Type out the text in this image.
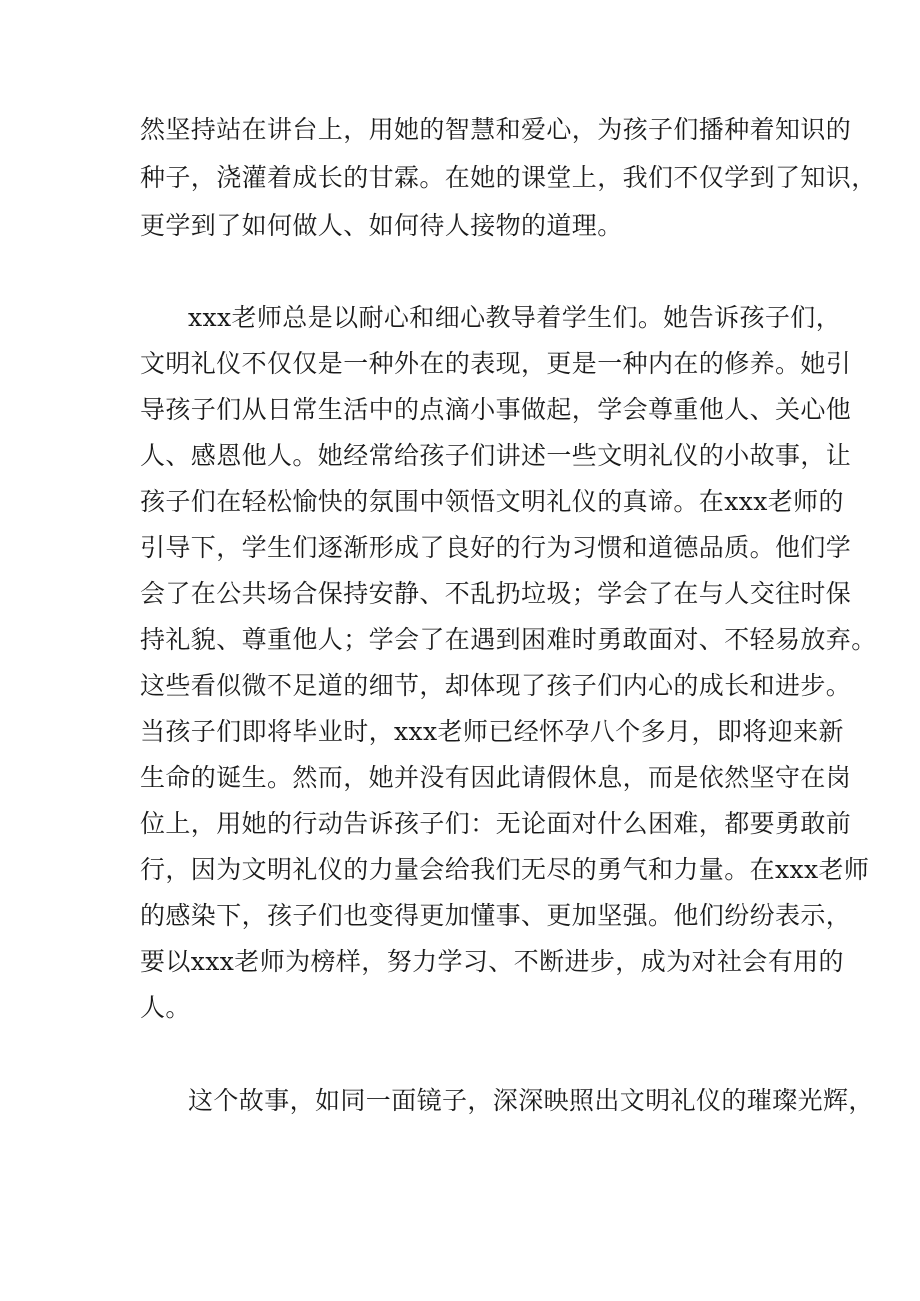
然坚持站在讲台上，用她的智慧和爱心，为孩子们播种着知识的
种子，浇灌着成长的甘霖。在她的课堂上，我们不仅学到了知识，
更学到了如何做人、如何待人接物的道理。
xxx老师总是以耐心和细心教导着学生们。她告诉孩子们，
文明礼仪不仅仅是一种外在的表现，更是一种内在的修养。她引
导孩子们从日常生活中的点滴小事做起，学会尊重他人、关心他
人、感恩他人。她经常给孩子们讲述一些文明礼仪的小故事，让
孩子们在轻松愉快的氛围中领悟文明礼仪的真谛。在xxx老师的
引导下，学生们逐渐形成了良好的行为习惯和道德品质。他们学
会了在公共场合保持安静、不乱扔垃圾；学会了在与人交往时保
持礼貌、尊重他人；学会了在遇到困难时勇敢面对、不轻易放弃。
这些看似微不足道的细节，却体现了孩子们内心的成长和进步。
当孩子们即将毕业时，xxx老师已经怀孕八个多月，即将迎来新
生命的诞生。然而，她并没有因此请假休息，而是依然坚守在岗
位上，用她的行动告诉孩子们：无论面对什么困难，都要勇敢前
行，因为文明礼仪的力量会给我们无尽的勇气和力量。在xxx老师
的感染下，孩子们也变得更加懂事、更加坚强。他们纷纷表示，
要以xxx老师为榜样，努力学习、不断进步，成为对社会有用的
人。
这个故事，如同一面镜子，深深映照出文明礼仪的璀璨光辉，
